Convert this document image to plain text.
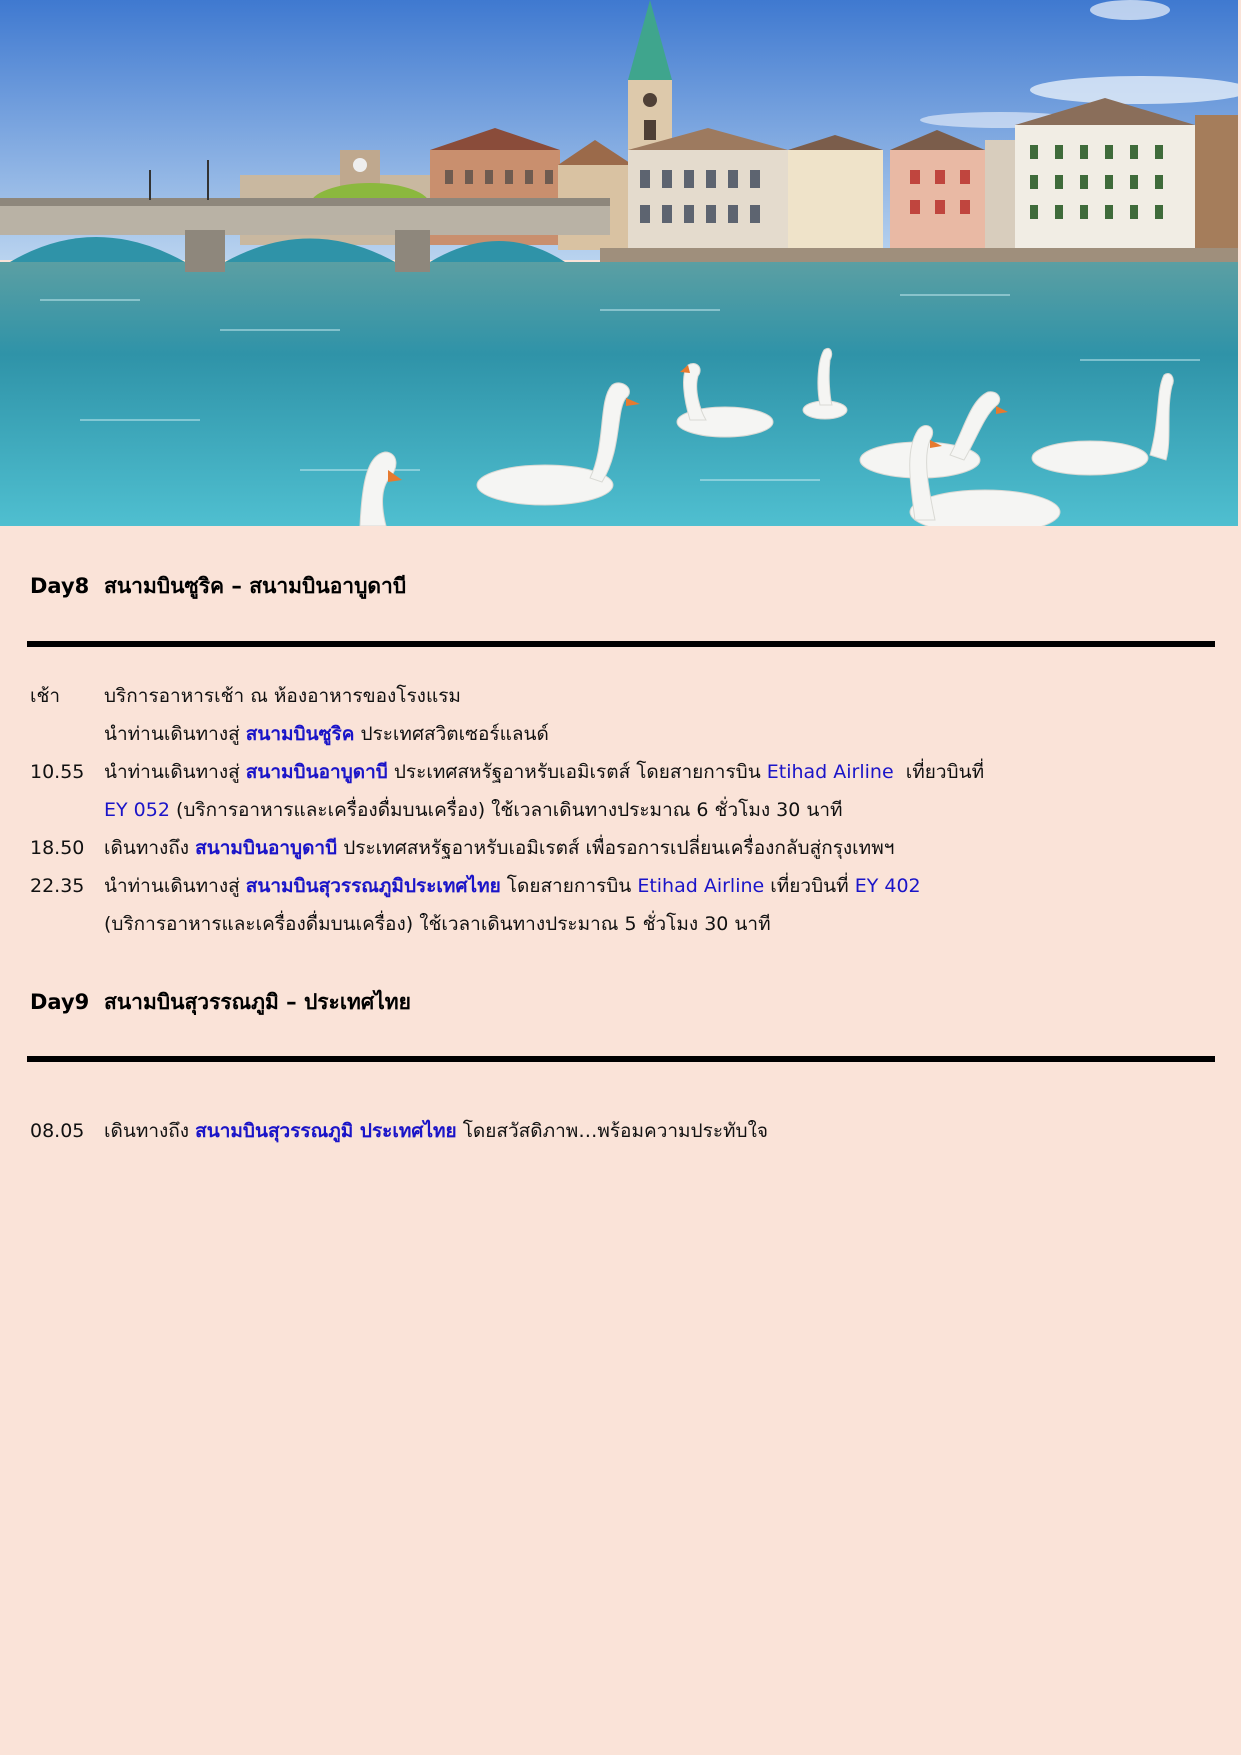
Day8 สนามบินซูริค – สนามบินอาบูดาบี
เช้า บริการอาหารเช้า ณ ห้องอาหารของโรงแรม
นำท่านเดินทางสู่ สนามบินซูริค ประเทศสวิตเซอร์แลนด์
10.55 นำท่านเดินทางสู่ สนามบินอาบูดาบี ประเทศสหรัฐอาหรับเอมิเรตส์ โดยสายการบิน Etihad Airline  เที่ยวบินที่
EY 052 (บริการอาหารและเครื่องดื่มบนเครื่อง) ใช้เวลาเดินทางประมาณ 6 ชั่วโมง 30 นาที
18.50 เดินทางถึง สนามบินอาบูดาบี ประเทศสหรัฐอาหรับเอมิเรตส์ เพื่อรอการเปลี่ยนเครื่องกลับสู่กรุงเทพฯ
22.35 นำท่านเดินทางสู่ สนามบินสุวรรณภูมิประเทศไทย โดยสายการบิน Etihad Airline เที่ยวบินที่ EY 402
(บริการอาหารและเครื่องดื่มบนเครื่อง) ใช้เวลาเดินทางประมาณ 5 ชั่วโมง 30 นาที
Day9 สนามบินสุวรรณภูมิ – ประเทศไทย
08.05 เดินทางถึง สนามบินสุวรรณภูมิ ประเทศไทย โดยสวัสดิภาพ…พร้อมความประทับใจ
